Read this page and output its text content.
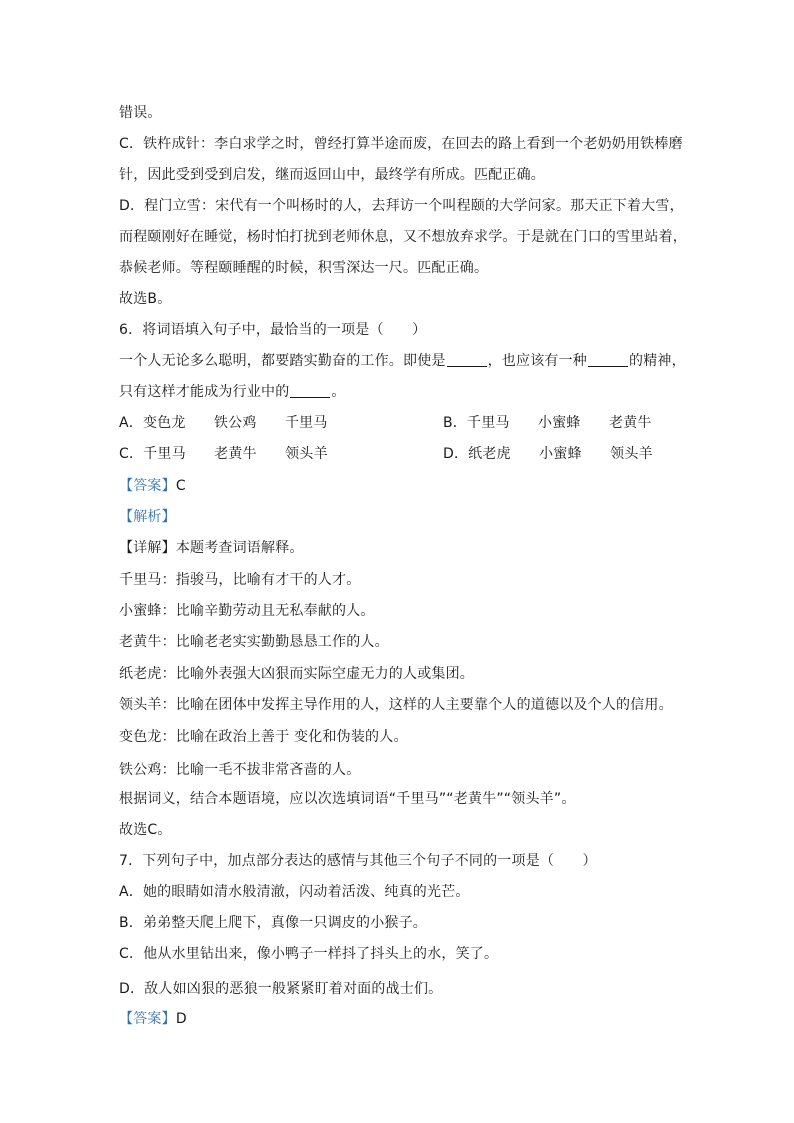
错误。
C．铁杵成针：李白求学之时，曾经打算半途而废，在回去的路上看到一个老奶奶用铁棒磨
针，因此受到受到启发，继而返回山中，最终学有所成。匹配正确。
D．程门立雪：宋代有一个叫杨时的人，去拜访一个叫程颐的大学问家。那天正下着大雪，
而程颐刚好在睡觉，杨时怕打扰到老师休息，又不想放弃求学。于是就在门口的雪里站着，
恭候老师。等程颐睡醒的时候，积雪深达一尺。匹配正确。
故选B。
6．将词语填入句子中，最恰当的一项是（　　）
一个人无论多么聪明，都要踏实勤奋的工作。即使是	，也应该有一种	的精神，
只有这样才能成为行业中的	。
A．变色龙　　铁公鸡　　千里马	B．千里马　　小蜜蜂　　老黄牛
C．千里马　　老黄牛　　领头羊	D．纸老虎　　小蜜蜂　　领头羊
【答案】C
【解析】
【详解】本题考查词语解释。
千里马：指骏马，比喻有才干的人才。
小蜜蜂：比喻辛勤劳动且无私奉献的人。
老黄牛：比喻老老实实勤勤恳恳工作的人。
纸老虎：比喻外表强大凶狠而实际空虚无力的人或集团。
领头羊：比喻在团体中发挥主导作用的人，这样的人主要靠个人的道德以及个人的信用。
变色龙：比喻在政治上善于 变化和伪装的人。
铁公鸡：比喻一毛不拔非常吝啬的人。
根据词义，结合本题语境，应以次选填词语“千里马”“老黄牛”“领头羊”。
故选C。
7．下列句子中，加点部分表达的感情与其他三个句子不同的一项是（　　）
A．她的眼睛如清水般清澈，闪动着活泼、纯真的光芒。
B．弟弟整天爬上爬下，真像一只调皮的小猴子。
C．他从水里钻出来，像小鸭子一样抖了抖头上的水，笑了。
D．敌人如凶狠的恶狼一般紧紧盯着对面的战士们。
【答案】D
